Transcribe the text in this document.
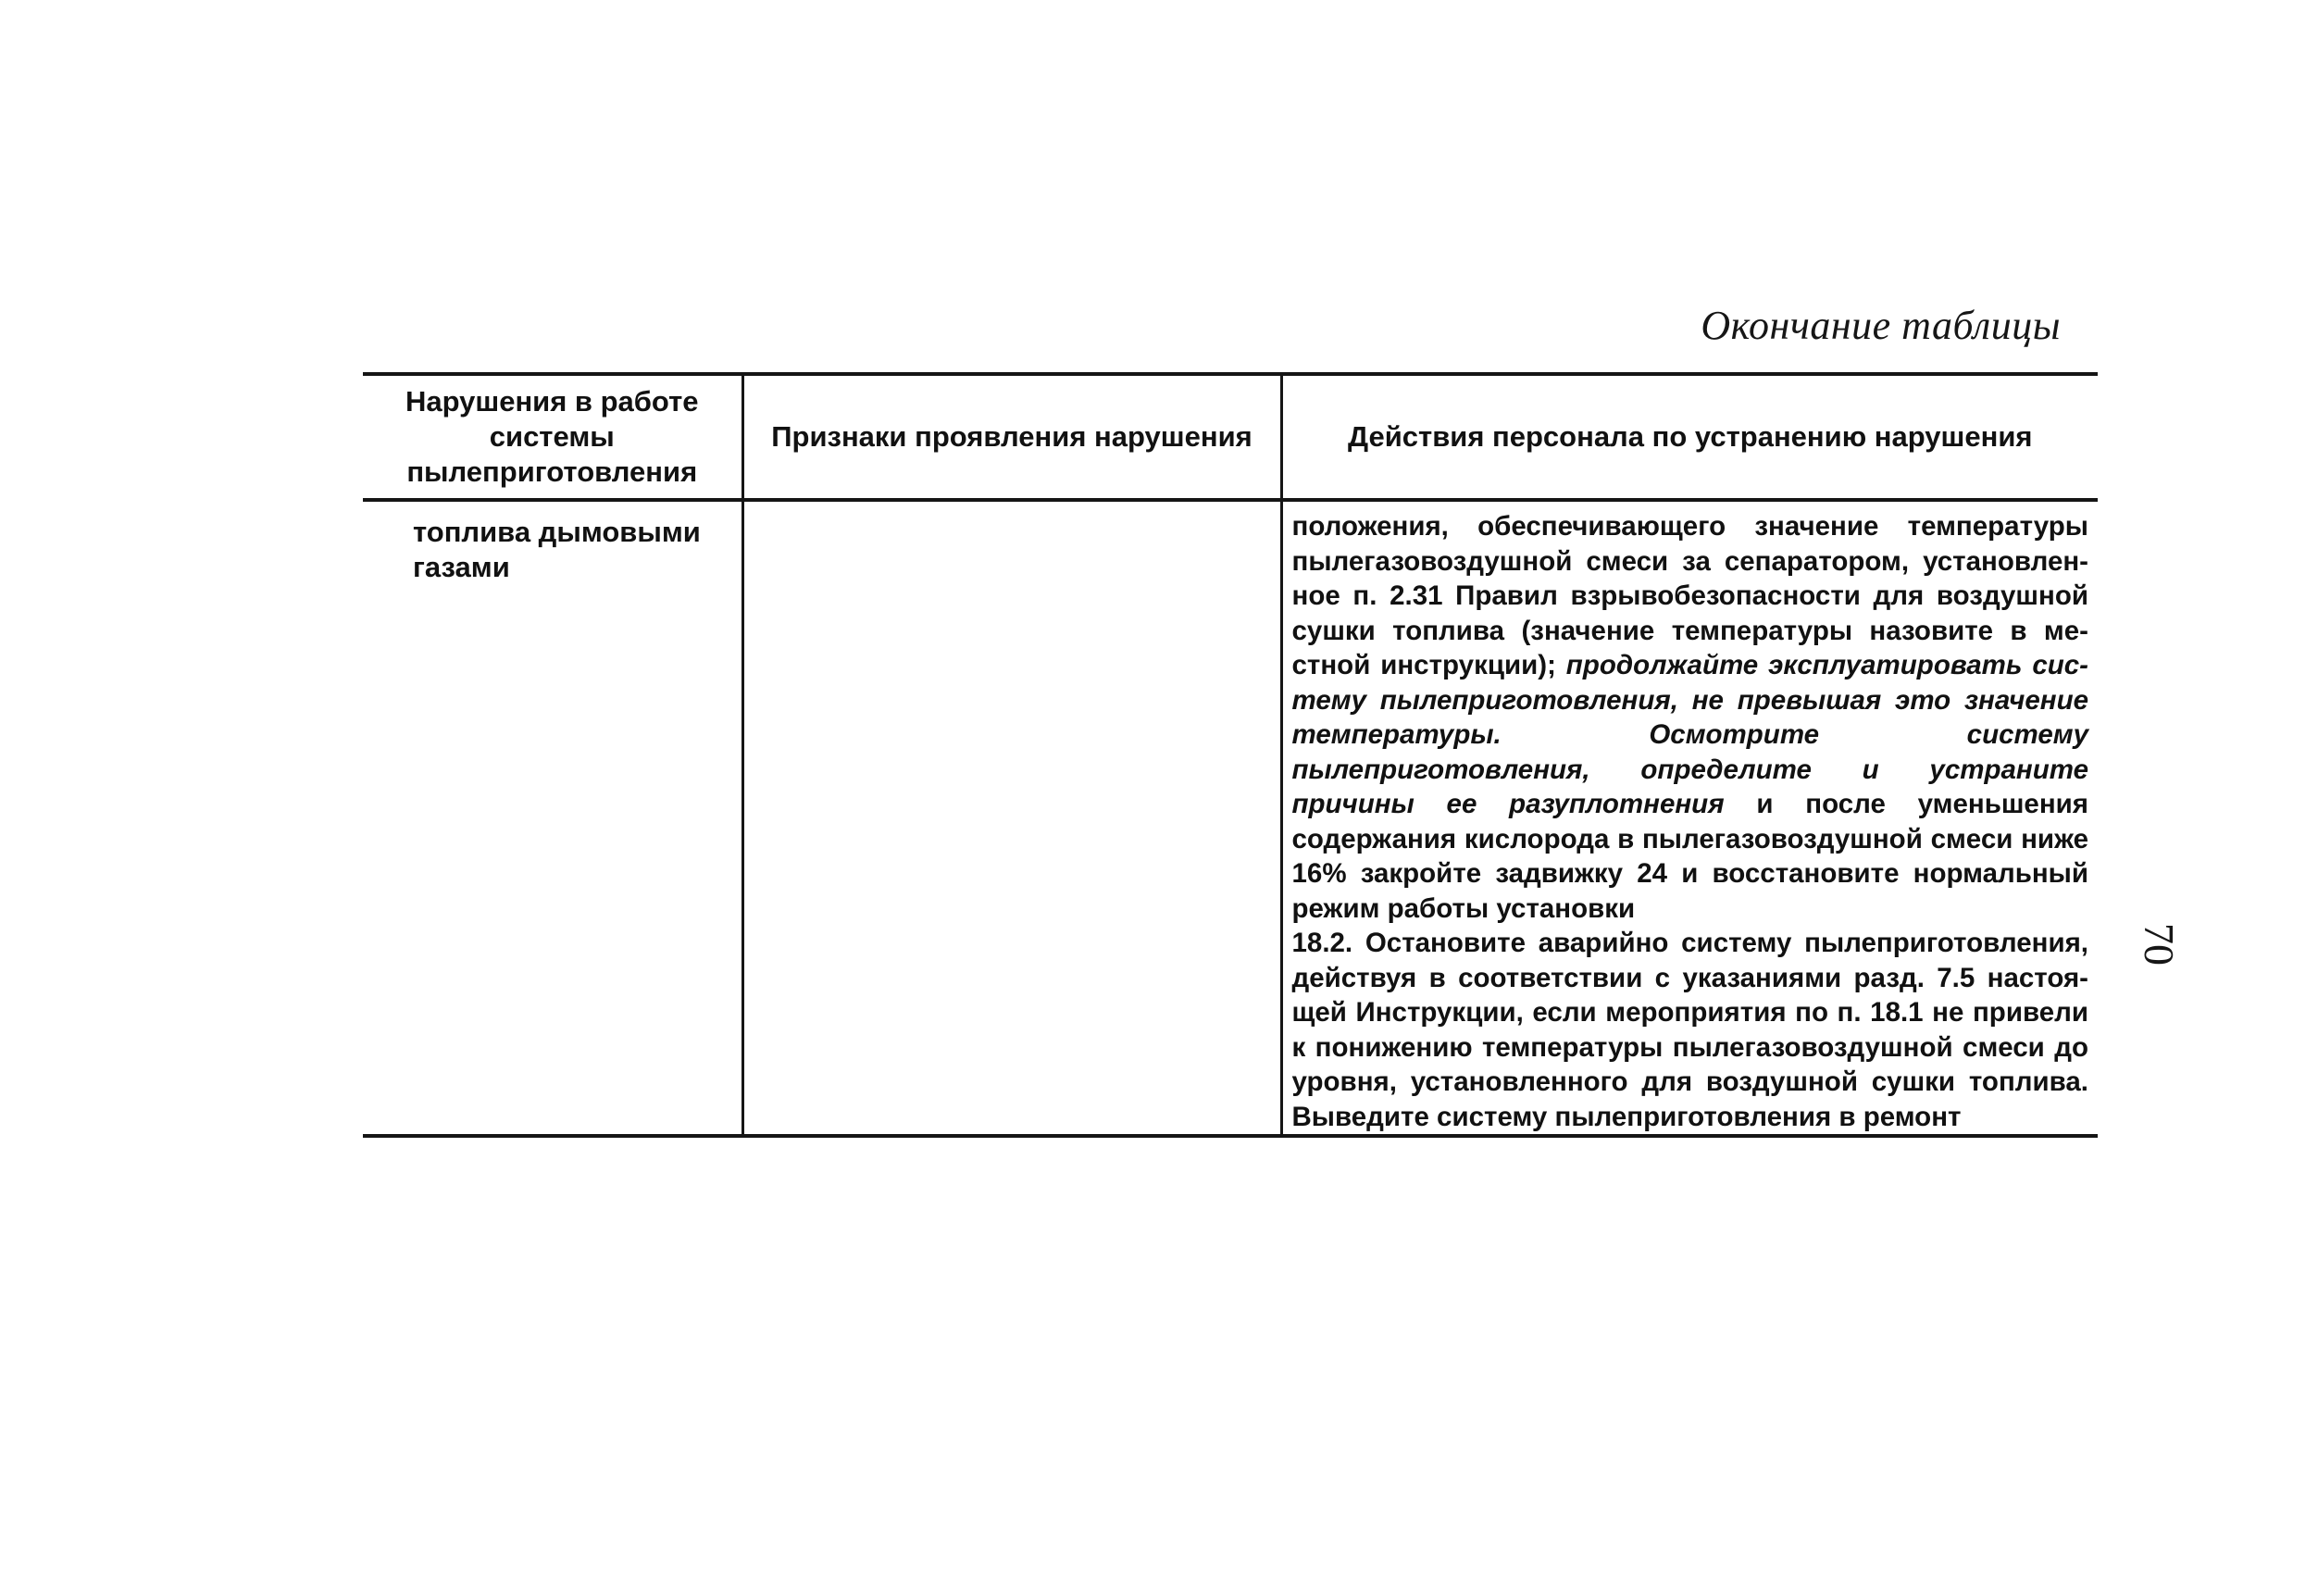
Окончание таблицы
Нарушения в работе системы пылеприготовления	Признаки проявления нарушения	Действия персонала по устранению нарушения

топлива дымовыми газами		положения, обеспечивающего значение температуры пылегазовоздушной смеси за сепаратором, установленное п. 2.31 Правил взрывобезопасности для воздушной сушки топлива (значение температуры назовите в местной инструкции); продолжайте эксплуатировать систему пылеприготовления, не превышая это значение температуры. Осмотрите систему пылеприготовления, определите и устраните причины ее разуплотнения и после уменьшения содержания кислорода в пылегазовоздушной смеси ниже 16% закройте задвижку 24 и восстановите нормальный режим работы установки
18.2. Остановите аварийно систему пылеприготовления, действуя в соответствии с указаниями разд. 7.5 настоящей Инструкции, если мероприятия по п. 18.1 не привели к понижению температуры пылегазовоздушной смеси до уровня, установленного для воздушной сушки топлива. Выведите систему пылеприготовления в ремонт
70
